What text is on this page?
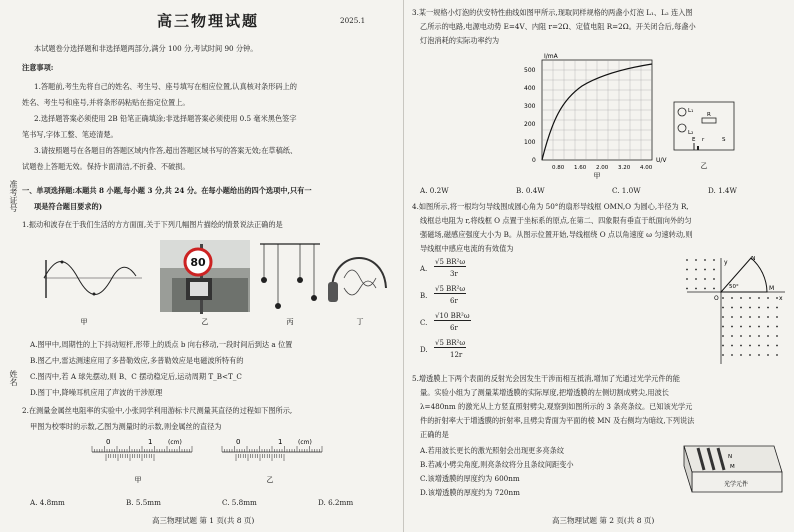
准考证号
姓名
高三物理试题	2025.1
本试题卷分选择题和非选择题两部分,满分 100 分,考试时间 90 分钟。
注意事项:
1.答题前,考生先将自己的姓名、考生号、座号填写在相应位置,认真核对条形码上的
姓名、考生号和座号,并将条形码粘贴在指定位置上。
2.选择题答案必须使用 2B 铅笔正确填涂;非选择题答案必须使用 0.5 毫米黑色签字
笔书写,字体工整、笔迹清楚。
3.请按照题号在各题目的答题区域内作答,超出答题区域书写的答案无效;在草稿纸、
试题卷上答题无效。保持卡面清洁,不折叠、不破损。
一、单项选择题:本题共 8 小题,每小题 3 分,共 24 分。在每小题给出的四个选项中,只有一
项是符合题目要求的)
1.振动和波存在于我们生活的方方面面,关于下列几幅图片描绘的情景说法正确的是
80
甲	乙	丙	丁
A.图甲中,周期性的上下抖动短杆,形带上的质点 b 向右移动,一段时间后到达 a 位置
B.图乙中,雷达测速应用了多普勒效应,多普勒效应是电磁波所特有的
C.图丙中,若 A 球先摆动,则 B、C 摆动稳定后,运动周期 T_B<T_C
D.图丁中,降噪耳机应用了声波的干涉原理
2.在测量金属丝电阻率的实验中,小张同学利用游标卡尺测量其直径的过程如下图所示,
甲图为校零时的示数,乙图为测量时的示数,则金属丝的直径为
0	1	(cm)
甲
0	1	(cm)
乙
A. 4.8mm	B. 5.5mm	C. 5.8mm	D. 6.2mm
高三物理试题 第 1 页(共 8 页)
3.某一规格小灯泡的伏安特性曲线如图甲所示,现取同样规格的两盏小灯泡 L₁、L₂ 连入图
乙所示的电路,电源电动势 E=4V、内阻 r=2Ω、定值电阻 R=2Ω。开关闭合后,每盏小
灯泡消耗的实际功率约为
I/mA
U/V
500
400
300
200
100
0
0.80 1.60 2.00 3.20 4.00
甲
L₁
L₂
R
E r	S
乙
A. 0.2W	B. 0.4W	C. 1.0W	D. 1.4W
4.如图所示,将一根均匀导线围成圆心角为 50°的扇形导线框 OMN,O 为圆心,半径为 R,
线框总电阻为 r,将线框 O 点置于坐标系的原点,在第二、四象限有垂直于纸面向外的匀
强磁场,磁感应强度大小为 B。从图示位置开始,导线框绕 O 点以角速度 ω 匀速转动,则
导线框中感应电流的有效值为
A.
√5 BR²ω
3r
B.
√5 BR²ω
6r
C.
√10 BR²ω
6r
D.
√5 BR²ω
12r
y
N
M
50°
O	x
5.增透膜上下两个表面的反射光会因发生干涉而相互抵消,增加了光通过光学元件的能
量。实验小组为了测量某增透膜的实际厚度,把增透膜的左侧切割成劈尖,用波长
λ=480nm 的激光从上方竖直照射劈尖,观察到如图所示的 3 条亮条纹。已知该光学元
件的折射率大于增透膜的折射率,且劈尖背面为平面的棱 MN 及右侧均为暗纹,下列说法
正确的是
A.若用波长更长的激光照射会出现更多亮条纹
B.若减小劈尖角度,则亮条纹将分且条纹间距变小
C.该增透膜的厚度约为 600nm
D.该增透膜的厚度约为 720nm
N
M
光学元件
高三物理试题 第 2 页(共 8 页)
